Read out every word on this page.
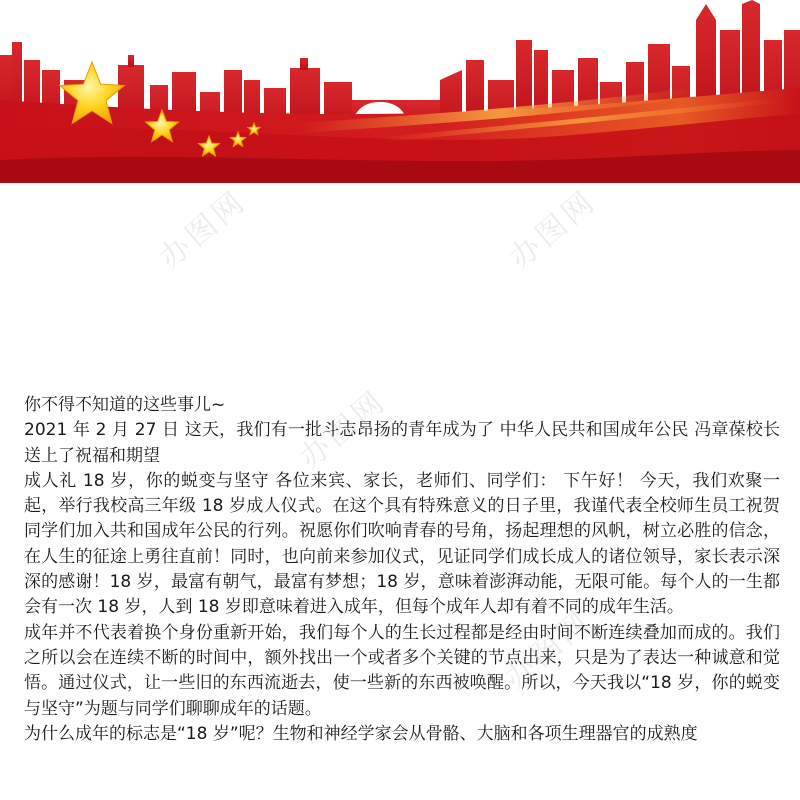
办图网	办图网
办图网
办图网

你不得不知道的这些事儿~

2021 年 2 月 27 日 这天，我们有一批斗志昂扬的青年成为了 中华人民共和国成年公民 冯章葆校长送上了祝福和期望

成人礼 18 岁，你的蜕变与坚守 各位来宾、家长，老师们、同学们： 下午好！ 今天，我们欢聚一起，举行我校高三年级 18 岁成人仪式。在这个具有特殊意义的日子里，我谨代表全校师生员工祝贺同学们加入共和国成年公民的行列。祝愿你们吹响青春的号角，扬起理想的风帆，树立必胜的信念，在人生的征途上勇往直前！同时，也向前来参加仪式，见证同学们成长成人的诸位领导，家长表示深深的感谢！18 岁，最富有朝气，最富有梦想；18 岁，意味着澎湃动能，无限可能。每个人的一生都会有一次 18 岁，人到 18 岁即意味着进入成年，但每个成年人却有着不同的成年生活。

成年并不代表着换个身份重新开始，我们每个人的生长过程都是经由时间不断连续叠加而成的。我们之所以会在连续不断的时间中，额外找出一个或者多个关键的节点出来，只是为了表达一种诚意和觉悟。通过仪式，让一些旧的东西流逝去，使一些新的东西被唤醒。所以，今天我以“18 岁，你的蜕变与坚守”为题与同学们聊聊成年的话题。

为什么成年的标志是“18 岁”呢？生物和神经学家会从骨骼、大脑和各项生理器官的成熟度
